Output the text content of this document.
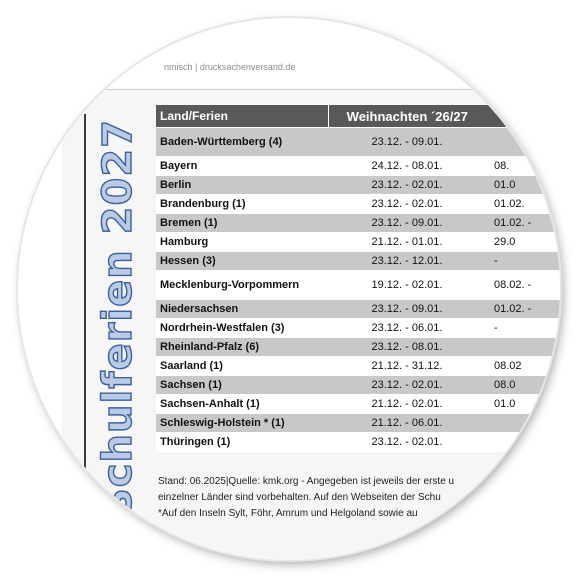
nmisch | drucksachenversand.de
Schulferien 2027
Land/Ferien	Weihnachten ´26/27	
Baden-Württemberg (4)	23.12. - 09.01.	
Bayern	24.12. - 08.01.	08.
Berlin	23.12. - 02.01.	01.0
Brandenburg (1)	23.12. - 02.01.	01.02.
Bremen (1)	23.12. - 09.01.	01.02. -
Hamburg	21.12. - 01.01.	29.0
Hessen (3)	23.12. - 12.01.	-
Mecklenburg-Vorpommern	19.12. - 02.01.	08.02. -
Niedersachsen	23.12. - 09.01.	01.02. -
Nordrhein-Westfalen (3)	23.12. - 06.01.	-
Rheinland-Pfalz (6)	23.12. - 08.01.	
Saarland (1)	21.12. - 31.12.	08.02
Sachsen (1)	23.12. - 02.01.	08.0
Sachsen-Anhalt (1)	21.12. - 02.01.	01.0
Schleswig-Holstein * (1)	21.12. - 06.01.	
Thüringen (1)	23.12. - 02.01.	
Stand: 06.2025|Quelle: kmk.org - Angegeben ist jeweils der erste u
einzelner Länder sind vorbehalten. Auf den Webseiten der Schu
*Auf den Inseln Sylt, Föhr, Amrum und Helgoland sowie au
